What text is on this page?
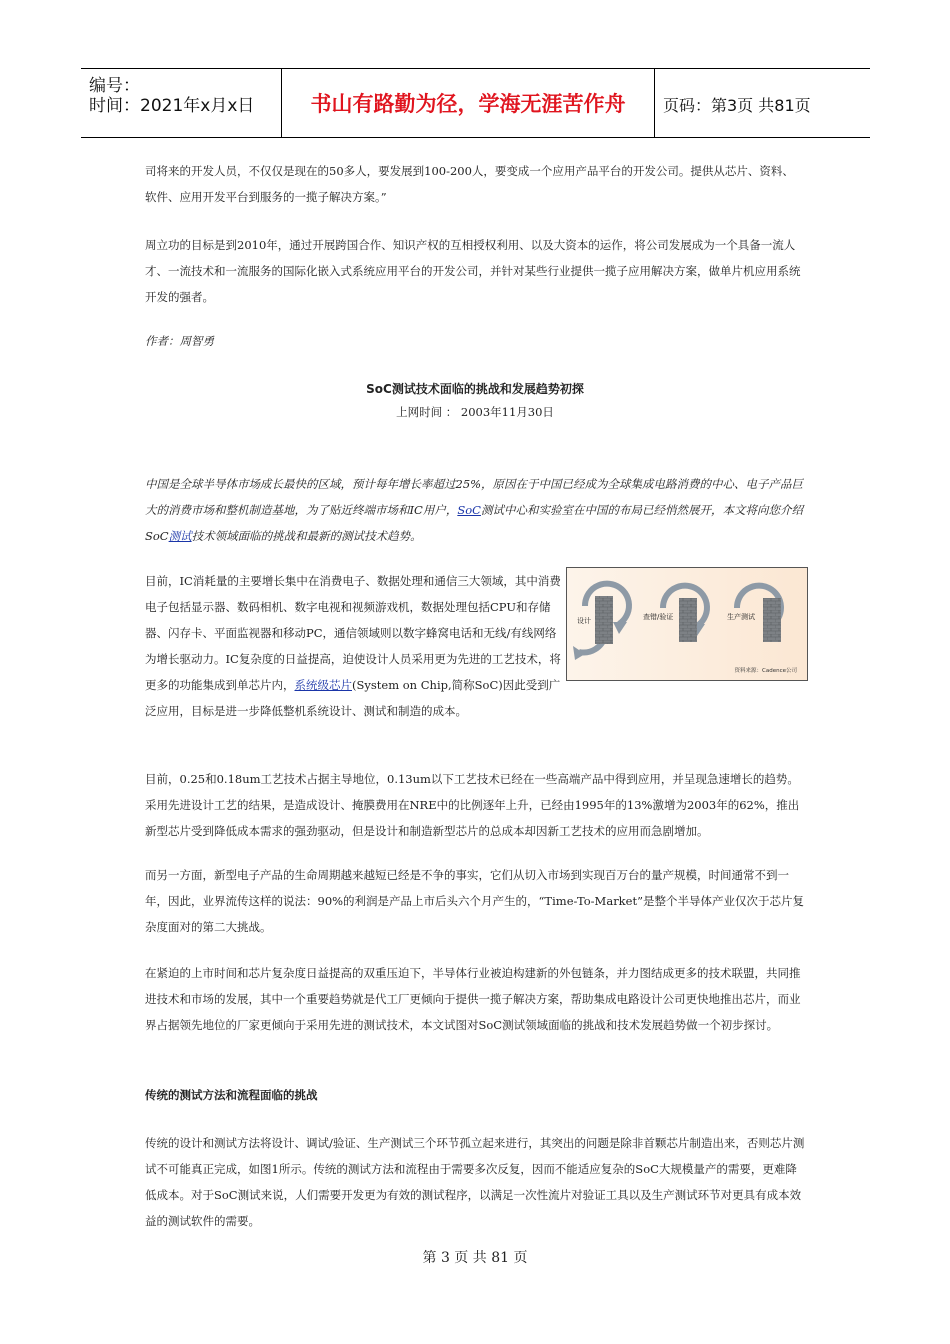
编号：
时间：2021年x月x日	书山有路勤为径，学海无涯苦作舟	页码：第3页 共81页

司将来的开发人员，不仅仅是现在的50多人，要发展到100-200人，要变成一个应用产品平台的开发公司。提供从芯片、资料、软件、应用开发平台到服务的一揽子解决方案。”

周立功的目标是到2010年，通过开展跨国合作、知识产权的互相授权利用、以及大资本的运作，将公司发展成为一个具备一流人才、一流技术和一流服务的国际化嵌入式系统应用平台的开发公司，并针对某些行业提供一揽子应用解决方案，做单片机应用系统开发的强者。

作者：周智勇

SoC测试技术面临的挑战和发展趋势初探
上网时间 ： 2003年11月30日

中国是全球半导体市场成长最快的区域，预计每年增长率超过25%，原因在于中国已经成为全球集成电路消费的中心、电子产品巨大的消费市场和整机制造基地，为了贴近终端市场和IC用户，SoC测试中心和实验室在中国的布局已经悄然展开，本文将向您介绍SoC测试技术领域面临的挑战和最新的测试技术趋势。

目前，IC消耗量的主要增长集中在消费电子、数据处理和通信三大领域，其中消费电子包括显示器、数码相机、数字电视和视频游戏机，数据处理包括CPU和存储器、闪存卡、平面监视器和移动PC，通信领域则以数字蜂窝电话和无线/有线网络为增长驱动力。IC复杂度的日益提高，迫使设计人员采用更为先进的工艺技术，将更多的功能集成到单芯片内，系统级芯片(System on Chip,简称SoC)因此受到广泛应用，目标是进一步降低整机系统设计、测试和制造的成本。

设计	查错/验证	生产测试
资料来源：Cadence公司

目前，0.25和0.18um工艺技术占据主导地位，0.13um以下工艺技术已经在一些高端产品中得到应用，并呈现急速增长的趋势。采用先进设计工艺的结果，是造成设计、掩膜费用在NRE中的比例逐年上升，已经由1995年的13%激增为2003年的62%，推出新型芯片受到降低成本需求的强劲驱动，但是设计和制造新型芯片的总成本却因新工艺技术的应用而急剧增加。

而另一方面，新型电子产品的生命周期越来越短已经是不争的事实，它们从切入市场到实现百万台的量产规模，时间通常不到一年，因此，业界流传这样的说法：90%的利润是产品上市后头六个月产生的，“Time-To-Market”是整个半导体产业仅次于芯片复杂度面对的第二大挑战。

在紧迫的上市时间和芯片复杂度日益提高的双重压迫下，半导体行业被迫构建新的外包链条，并力图结成更多的技术联盟，共同推进技术和市场的发展，其中一个重要趋势就是代工厂更倾向于提供一揽子解决方案，帮助集成电路设计公司更快地推出芯片，而业界占据领先地位的厂家更倾向于采用先进的测试技术，本文试图对SoC测试领域面临的挑战和技术发展趋势做一个初步探讨。

传统的测试方法和流程面临的挑战

传统的设计和测试方法将设计、调试/验证、生产测试三个环节孤立起来进行，其突出的问题是除非首颗芯片制造出来，否则芯片测试不可能真正完成，如图1所示。传统的测试方法和流程由于需要多次反复，因而不能适应复杂的SoC大规模量产的需要，更难降低成本。对于SoC测试来说，人们需要开发更为有效的测试程序，以满足一次性流片对验证工具以及生产测试环节对更具有成本效益的测试软件的需要。

第 3 页 共 81 页
